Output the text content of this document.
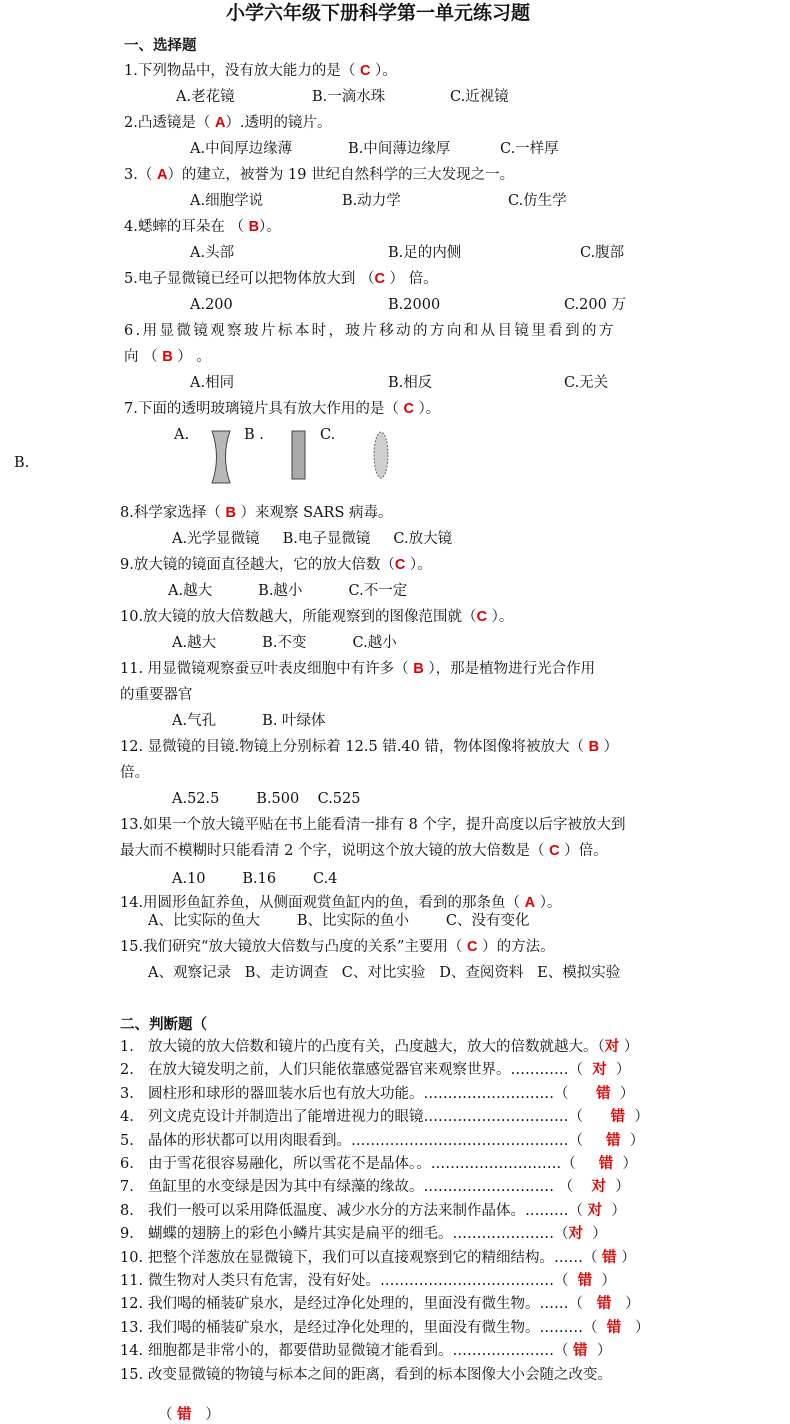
小学六年级下册科学第一单元练习题
一、选择题
1.下列物品中，没有放大能力的是（ C ）。
A.老花镜	B.一滴水珠	C.近视镜
2.凸透镜是（ A）.透明的镜片。
A.中间厚边缘薄	B.中间薄边缘厚	C.一样厚
3.（ A）的建立，被誉为 19 世纪自然科学的三大发现之一。
A.细胞学说	B.动力学	C.仿生学
4.蟋蟀的耳朵在 （ B）。
A.头部	B.足的内侧	C.腹部
5.电子显微镜已经可以把物体放大到 （C ） 倍。
A.200	B.2000	C.200 万
6.用显微镜观察玻片标本时，玻片移动的方向和从目镜里看到的方
向 （ B ） 。
A.相同	B.相反	C.无关
7.下面的透明玻璃镜片具有放大作用的是（ C ）。
A.	B .	C.
B.
8.科学家选择（ B ）来观察 SARS 病毒。
A.光学显微镜     B.电子显微镜     C.放大镜
9.放大镜的镜面直径越大，它的放大倍数（C ）。
A.越大          B.越小          C.不一定
10.放大镜的放大倍数越大，所能观察到的图像范围就（C ）。
A.越大          B.不变          C.越小
11. 用显微镜观察蚕豆叶表皮细胞中有许多（ B ），那是植物进行光合作用
的重要器官
A.气孔          B. 叶绿体
12. 显微镜的目镜.物镜上分别标着 12.5 错.40 错，物体图像将被放大（ B ）
倍。
A.52.5        B.500    C.525
13.如果一个放大镜平贴在书上能看清一排有 8 个字，提升高度以后字被放大到
最大而不模糊时只能看清 2 个字，说明这个放大镜的放大倍数是（ C ）倍。
A.10        B.16        C.4
14.用圆形鱼缸养鱼，从侧面观赏鱼缸内的鱼，看到的那条鱼（ A ）。
A、比实际的鱼大        B、比实际的鱼小        C、没有变化
15.我们研究“放大镜放大倍数与凸度的关系”主要用（ C ）的方法。
A、观察记录   B、走访调查   C、对比实验   D、查阅资料   E、模拟实验
二、判断题（
1. 放大镜的放大倍数和镜片的凸度有关，凸度越大，放大的倍数就越大。（对 ）
2. 在放大镜发明之前，人们只能依靠感觉器官来观察世界。…………（  对  ）
3. 圆柱形和球形的器皿装水后也有放大功能。………………………（      错  ）
4. 列文虎克设计并制造出了能增进视力的眼镜…………………………（      错  ）
5. 晶体的形状都可以用肉眼看到。………………………………………（     错  ）
6. 由于雪花很容易融化，所以雪花不是晶体。。………………………（     错  ）
7. 鱼缸里的水变绿是因为其中有绿藻的缘故。……………………… （    对  ）
8. 我们一般可以采用降低温度、减少水分的方法来制作晶体。………（ 对  ）
9. 蝴蝶的翅膀上的彩色小鳞片其实是扁平的细毛。…………………（对  ）
10. 把整个洋葱放在显微镜下，我们可以直接观察到它的精细结构。……（ 错 ）
11. 微生物对人类只有危害，没有好处。………………………………（  错  ）
12. 我们喝的桶装矿泉水，是经过净化处理的，里面没有微生物。……（   错   ）
13. 我们喝的桶装矿泉水，是经过净化处理的，里面没有微生物。………（  错   ）
14. 细胞都是非常小的，都要借助显微镜才能看到。…………………（ 错  ）
15. 改变显微镜的物镜与标本之间的距离，看到的标本图像大小会随之改变。
（ 错   ）
